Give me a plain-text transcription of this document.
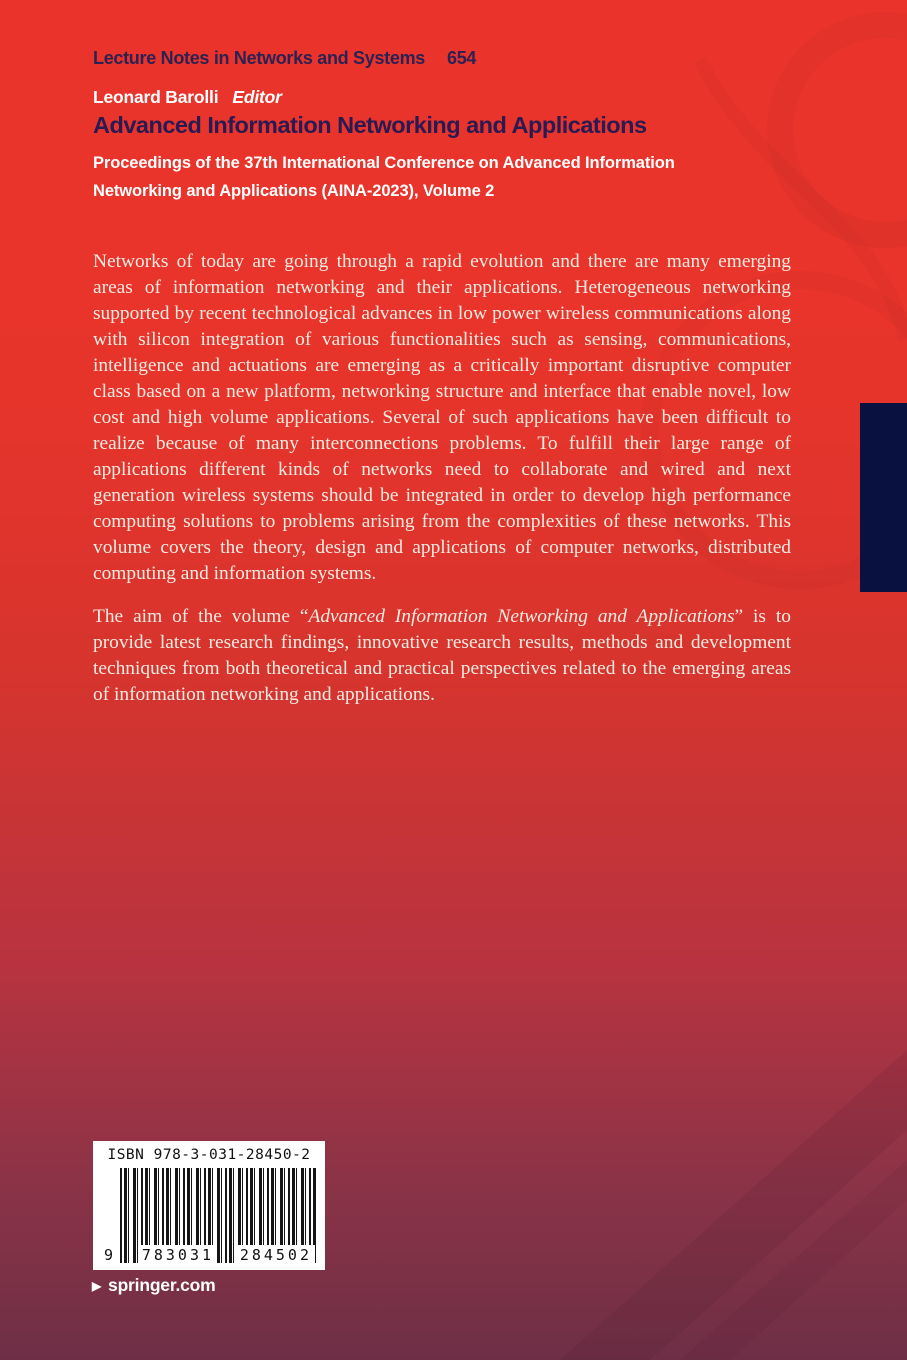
Lecture Notes in Networks and Systems 654
Leonard Barolli Editor
Advanced Information Networking and Applications

Proceedings of the 37th International Conference on Advanced Information Networking and Applications (AINA-2023), Volume 2

Networks of today are going through a rapid evolution and there are many emerging areas of information networking and their applications. Heterogeneous networking supported by recent technological advances in low power wireless communications along with silicon integration of various functionalities such as sensing, communications, intelligence and actuations are emerging as a critically important disruptive computer class based on a new platform, networking structure and interface that enable novel, low cost and high volume applications. Several of such applications have been difficult to realize because of many interconnections problems. To fulfill their large range of applications different kinds of networks need to collaborate and wired and next generation wireless systems should be integrated in order to develop high performance computing solutions to problems arising from the complexities of these networks. This volume covers the theory, design and applications of computer networks, distributed computing and information systems.

The aim of the volume “Advanced Information Networking and Applications” is to provide latest research findings, innovative research results, methods and development techniques from both theoretical and practical perspectives related to the emerging areas of information networking and applications.

ISBN 978-3-031-28450-2
9 783031 284502
▶ springer.com
